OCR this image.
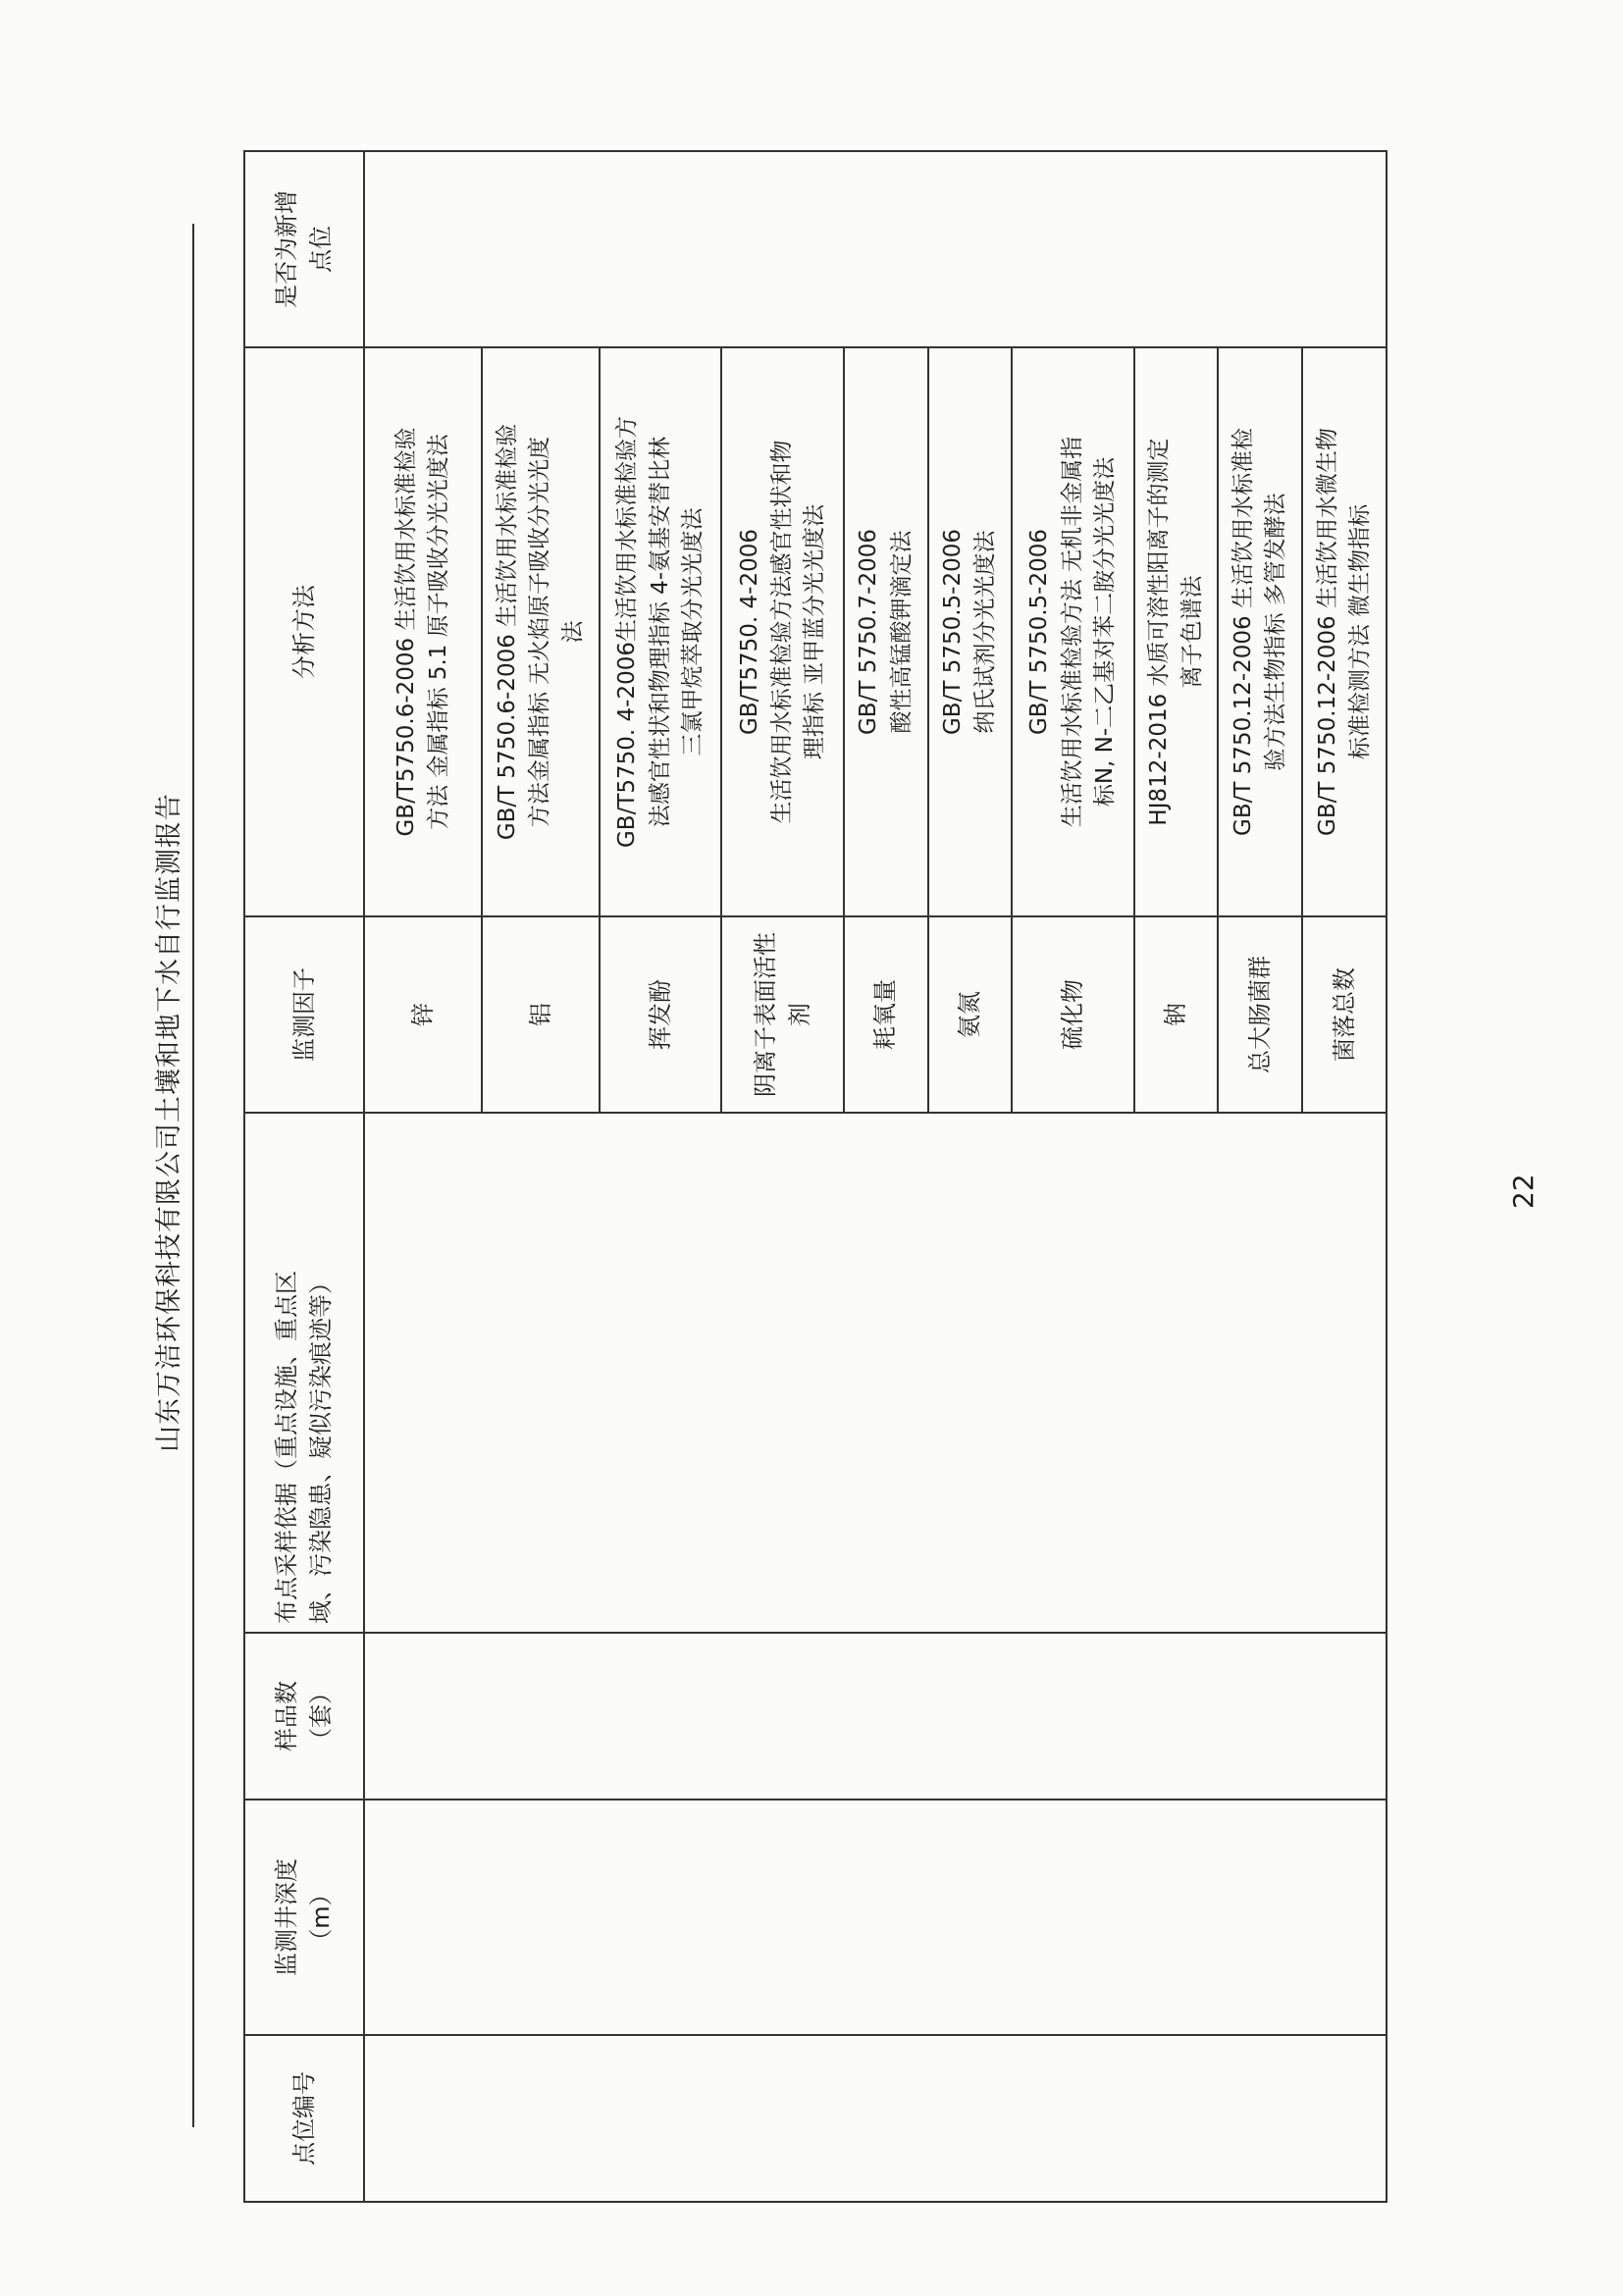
山东万洁环保科技有限公司土壤和地下水自行监测报告
点位编号	监测井深度 （m）	样品数 （套）	布点采样依据（重点设施、重点区 域、污染隐患、疑似污染痕迹等）	监测因子	分析方法	是否为新增 点位
				锌	GB/T5750.6-2006 生活饮用水标准检验 方法 金属指标 5.1 原子吸收分光光度法	

				铝	GB/T 5750.6-2006 生活饮用水标准检验 方法金属指标 无火焰原子吸收分光光度 法	

				挥发酚	GB/T5750. 4-2006生活饮用水标准检验方 法感官性状和物理指标 4-氨基安替比林 三氯甲烷萃取分光光度法	

				阴离子表面活性剂	GB/T5750. 4-2006 生活饮用水标准检验方法感官性状和物 理指标 亚甲蓝分光光度法	

				耗氧量	GB/T 5750.7-2006 酸性高锰酸钾滴定法	

				氨氮	GB/T 5750.5-2006 纳氏试剂分光光度法	

				硫化物	GB/T 5750.5-2006 生活饮用水标准检验方法 无机非金属指 标N, N-二乙基对苯二胺分光光度法	

				钠	HJ812-2016 水质可溶性阳离子的测定 离子色谱法	

				总大肠菌群	GB/T 5750.12-2006 生活饮用水标准检 验方法生物指标 多管发酵法	

				菌落总数	GB/T 5750.12-2006 生活饮用水微生物 标准检测方法 微生物指标	
22
